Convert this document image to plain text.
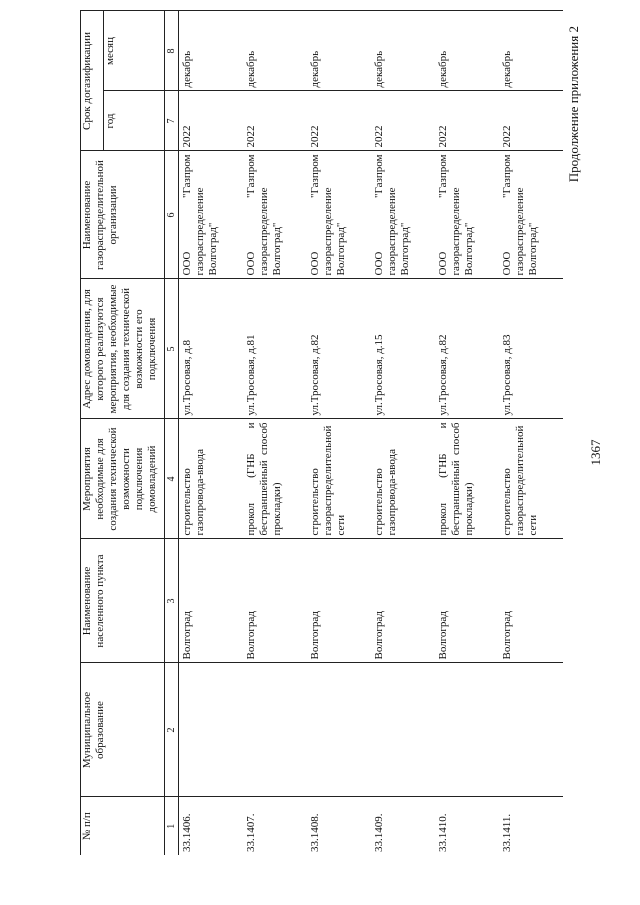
1367
Продолжение приложения 2
№ п/п	Муниципальное образование	Наименование населенного пункта	Мероприятия необходимые для создания технической возможности подключения домовладений	Адрес домовладения, для которого реализуются мероприятия, необходимые для создания технической возможности его подключения	Наименование газораспределительной организации	Срок догазификации	
						год	месяц
1	2	3	4	5	6	7	8
33.1406.		Волгоград	строительство газопровода-ввода	ул.Тросовая, д.8	ООО "Газпром газораспределение Волгоград"	2022	декабрь
33.1407.		Волгоград	прокол (ГНБ и бестраншейный способ прокладки)	ул.Тросовая, д.81	ООО "Газпром газораспределение Волгоград"	2022	декабрь
33.1408.		Волгоград	строительство газораспределительной сети	ул.Тросовая, д.82	ООО "Газпром газораспределение Волгоград"	2022	декабрь
33.1409.		Волгоград	строительство газопровода-ввода	ул.Тросовая, д.15	ООО "Газпром газораспределение Волгоград"	2022	декабрь
33.1410.		Волгоград	прокол (ГНБ и бестраншейный способ прокладки)	ул.Тросовая, д.82	ООО "Газпром газораспределение Волгоград"	2022	декабрь
33.1411.		Волгоград	строительство газораспределительной сети	ул.Тросовая, д.83	ООО "Газпром газораспределение Волгоград"	2022	декабрь
